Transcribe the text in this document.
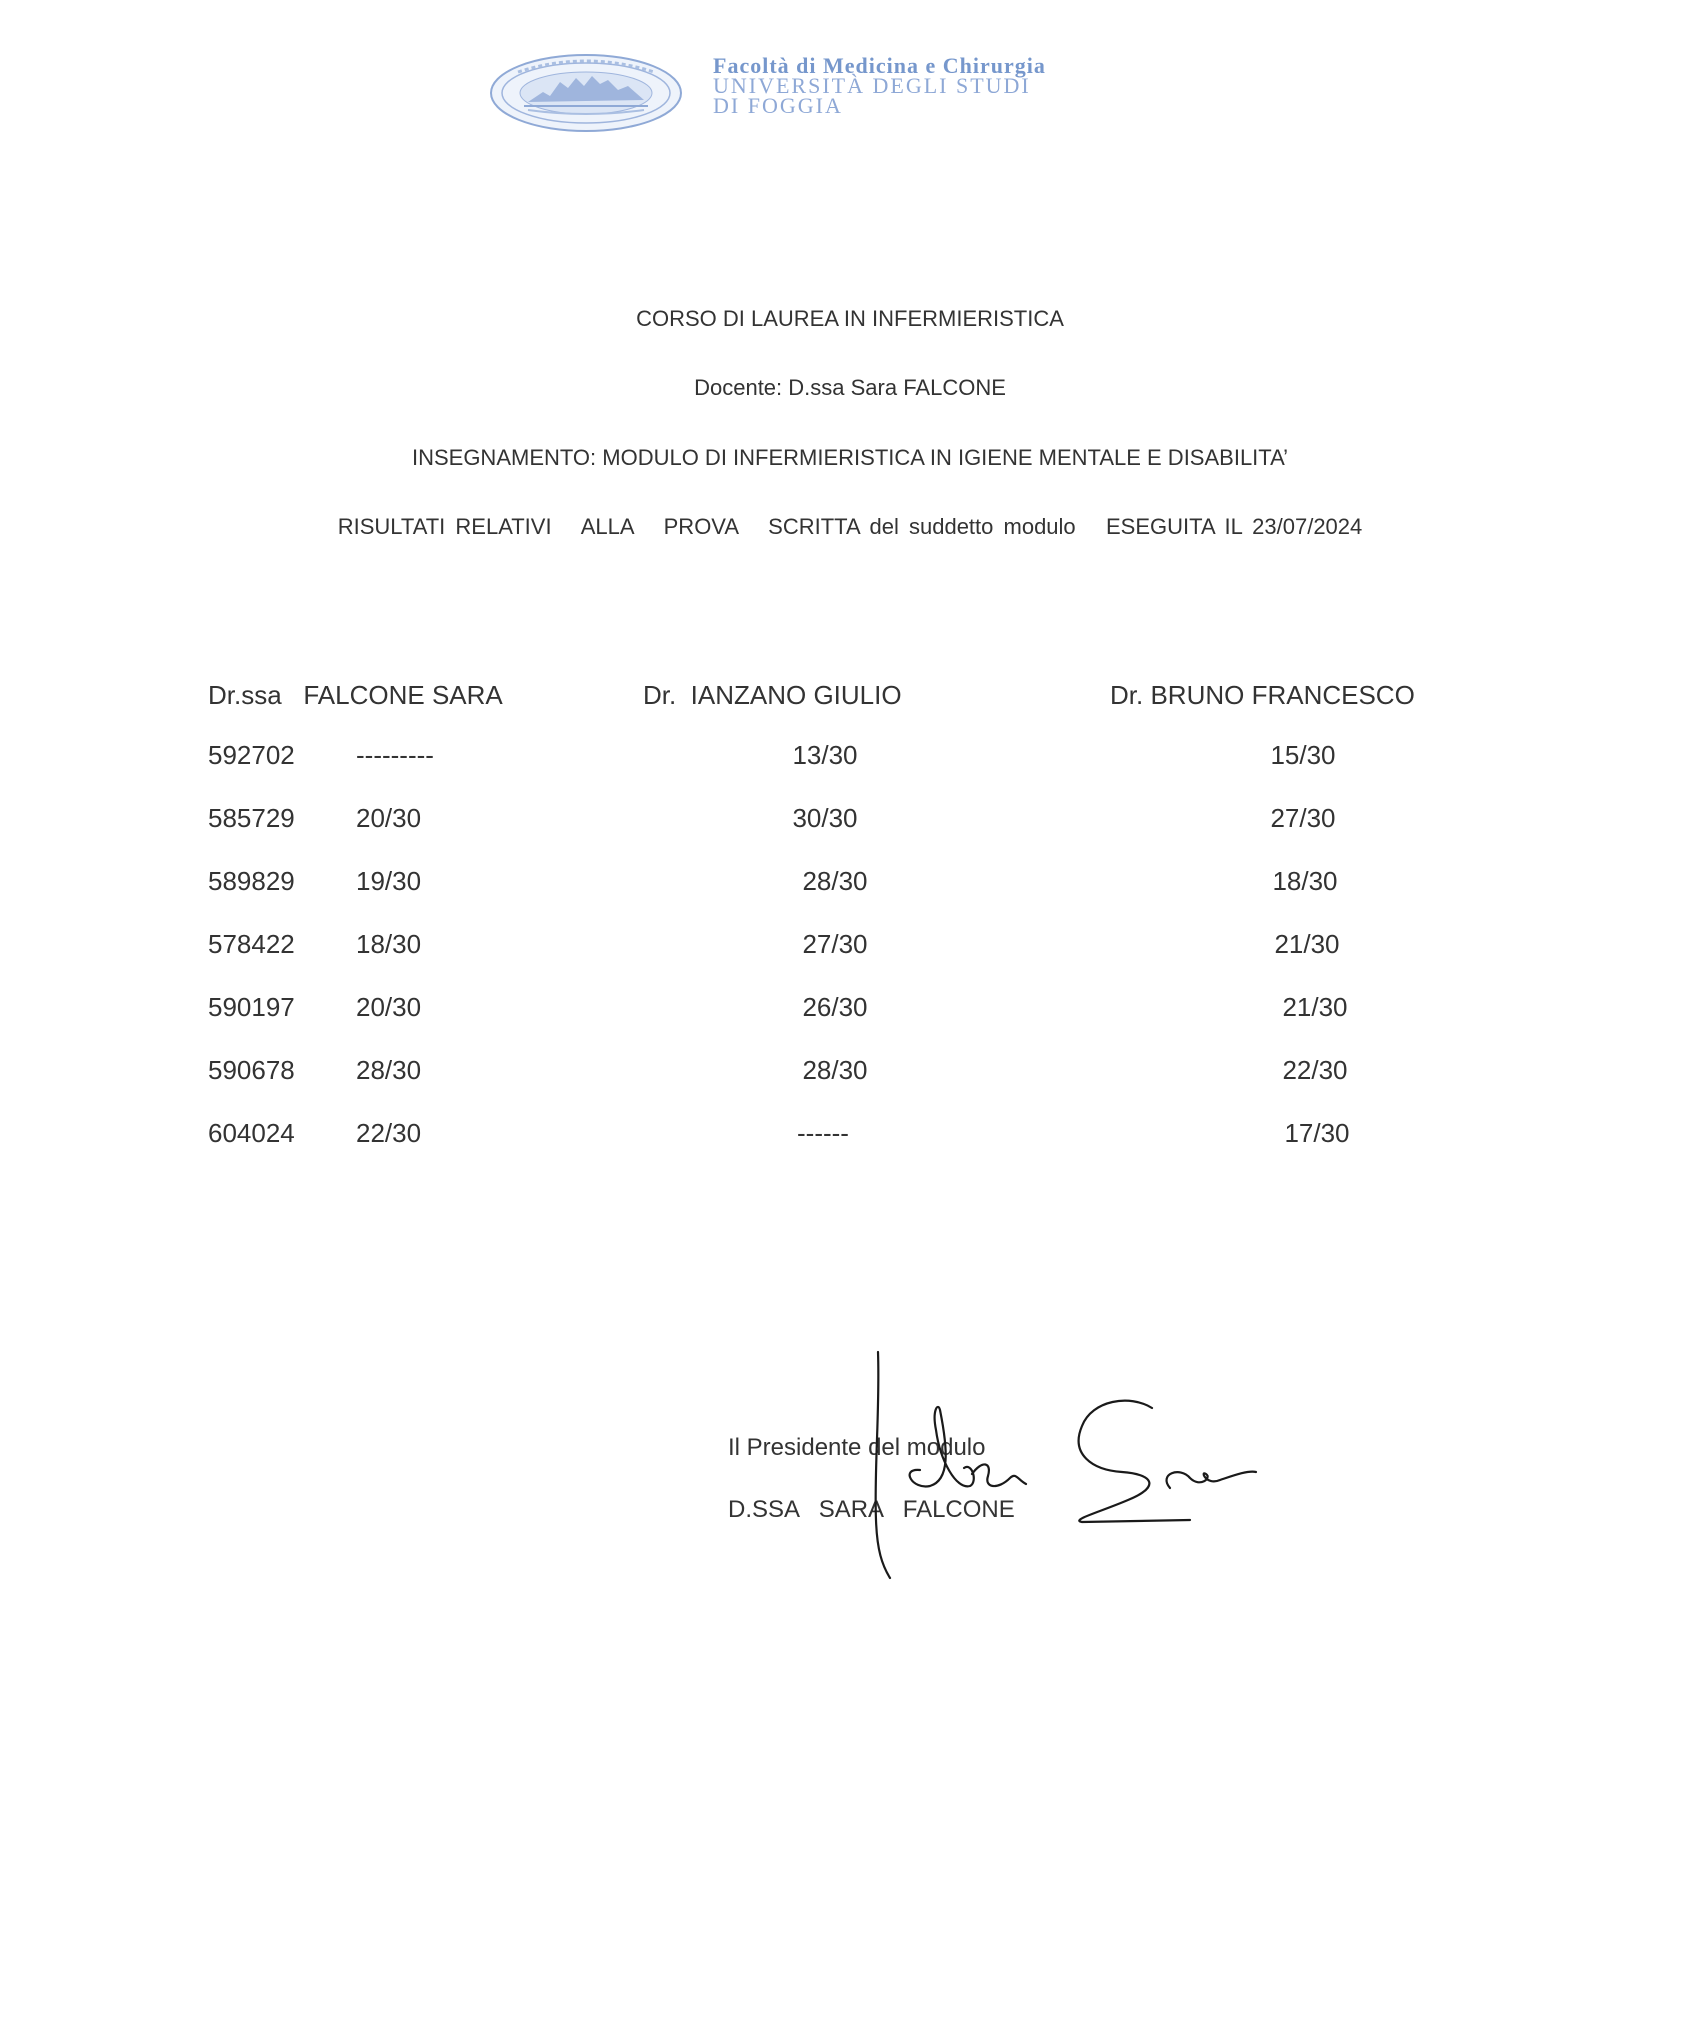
Facoltà di Medicina e Chirurgia
UNIVERSITÀ DEGLI STUDI
DI FOGGIA
CORSO DI LAUREA IN INFERMIERISTICA
Docente: D.ssa Sara FALCONE
INSEGNAMENTO: MODULO DI INFERMIERISTICA IN IGIENE MENTALE E DISABILITA’
RISULTATI RELATIVI   ALLA   PROVA   SCRITTA del suddetto modulo   ESEGUITA IL 23/07/2024
Dr.ssa   FALCONE SARA	Dr.  IANZANO GIULIO	Dr. BRUNO FRANCESCO
592702 ---------	13/30	15/30
585729 20/30	30/30	27/30
589829 19/30	28/30	18/30
578422 18/30	27/30	21/30
590197 20/30	26/30	21/30
590678 28/30	28/30	22/30
604024 22/30	------	17/30
Il Presidente del modulo
D.SSA   SARA   FALCONE
